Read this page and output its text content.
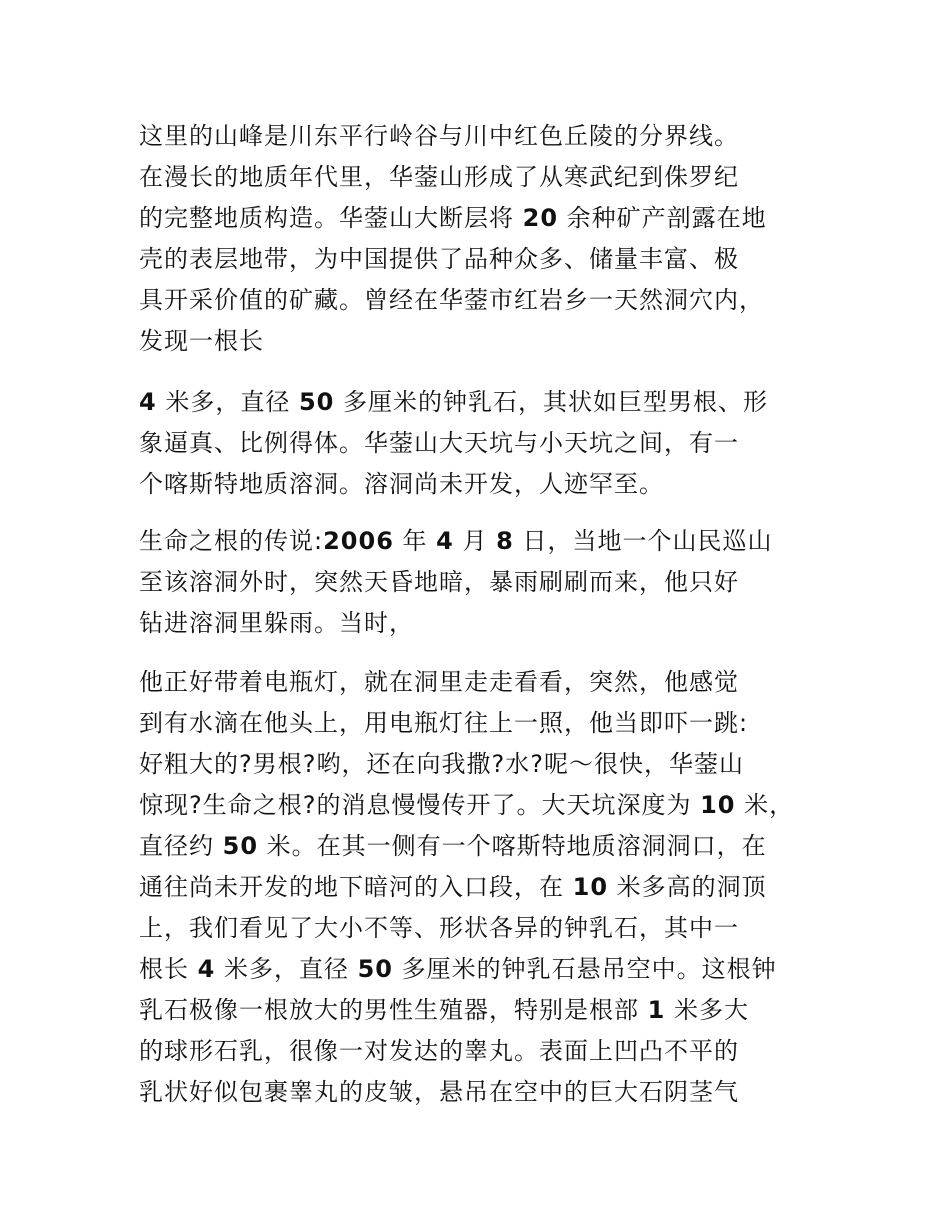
这里的山峰是川东平行岭谷与川中红色丘陵的分界线。
在漫长的地质年代里，华蓥山形成了从寒武纪到侏罗纪
的完整地质构造。华蓥山大断层将 20 余种矿产剖露在地
壳的表层地带，为中国提供了品种众多、储量丰富、极
具开采价值的矿藏。曾经在华蓥市红岩乡一天然洞穴内，
发现一根长
4 米多，直径 50 多厘米的钟乳石，其状如巨型男根、形
象逼真、比例得体。华蓥山大天坑与小天坑之间，有一
个喀斯特地质溶洞。溶洞尚未开发，人迹罕至。
生命之根的传说:2006 年 4 月 8 日，当地一个山民巡山
至该溶洞外时，突然天昏地暗，暴雨刷刷而来，他只好
钻进溶洞里躲雨。当时，
他正好带着电瓶灯，就在洞里走走看看，突然，他感觉
到有水滴在他头上，用电瓶灯往上一照，他当即吓一跳:
好粗大的?男根?哟，还在向我撒?水?呢～很快，华蓥山
惊现?生命之根?的消息慢慢传开了。大天坑深度为 10 米，
直径约 50 米。在其一侧有一个喀斯特地质溶洞洞口，在
通往尚未开发的地下暗河的入口段，在 10 米多高的洞顶
上，我们看见了大小不等、形状各异的钟乳石，其中一
根长 4 米多，直径 50 多厘米的钟乳石悬吊空中。这根钟
乳石极像一根放大的男性生殖器，特别是根部 1 米多大
的球形石乳，很像一对发达的睾丸。表面上凹凸不平的
乳状好似包裹睾丸的皮皱，悬吊在空中的巨大石阴茎气
